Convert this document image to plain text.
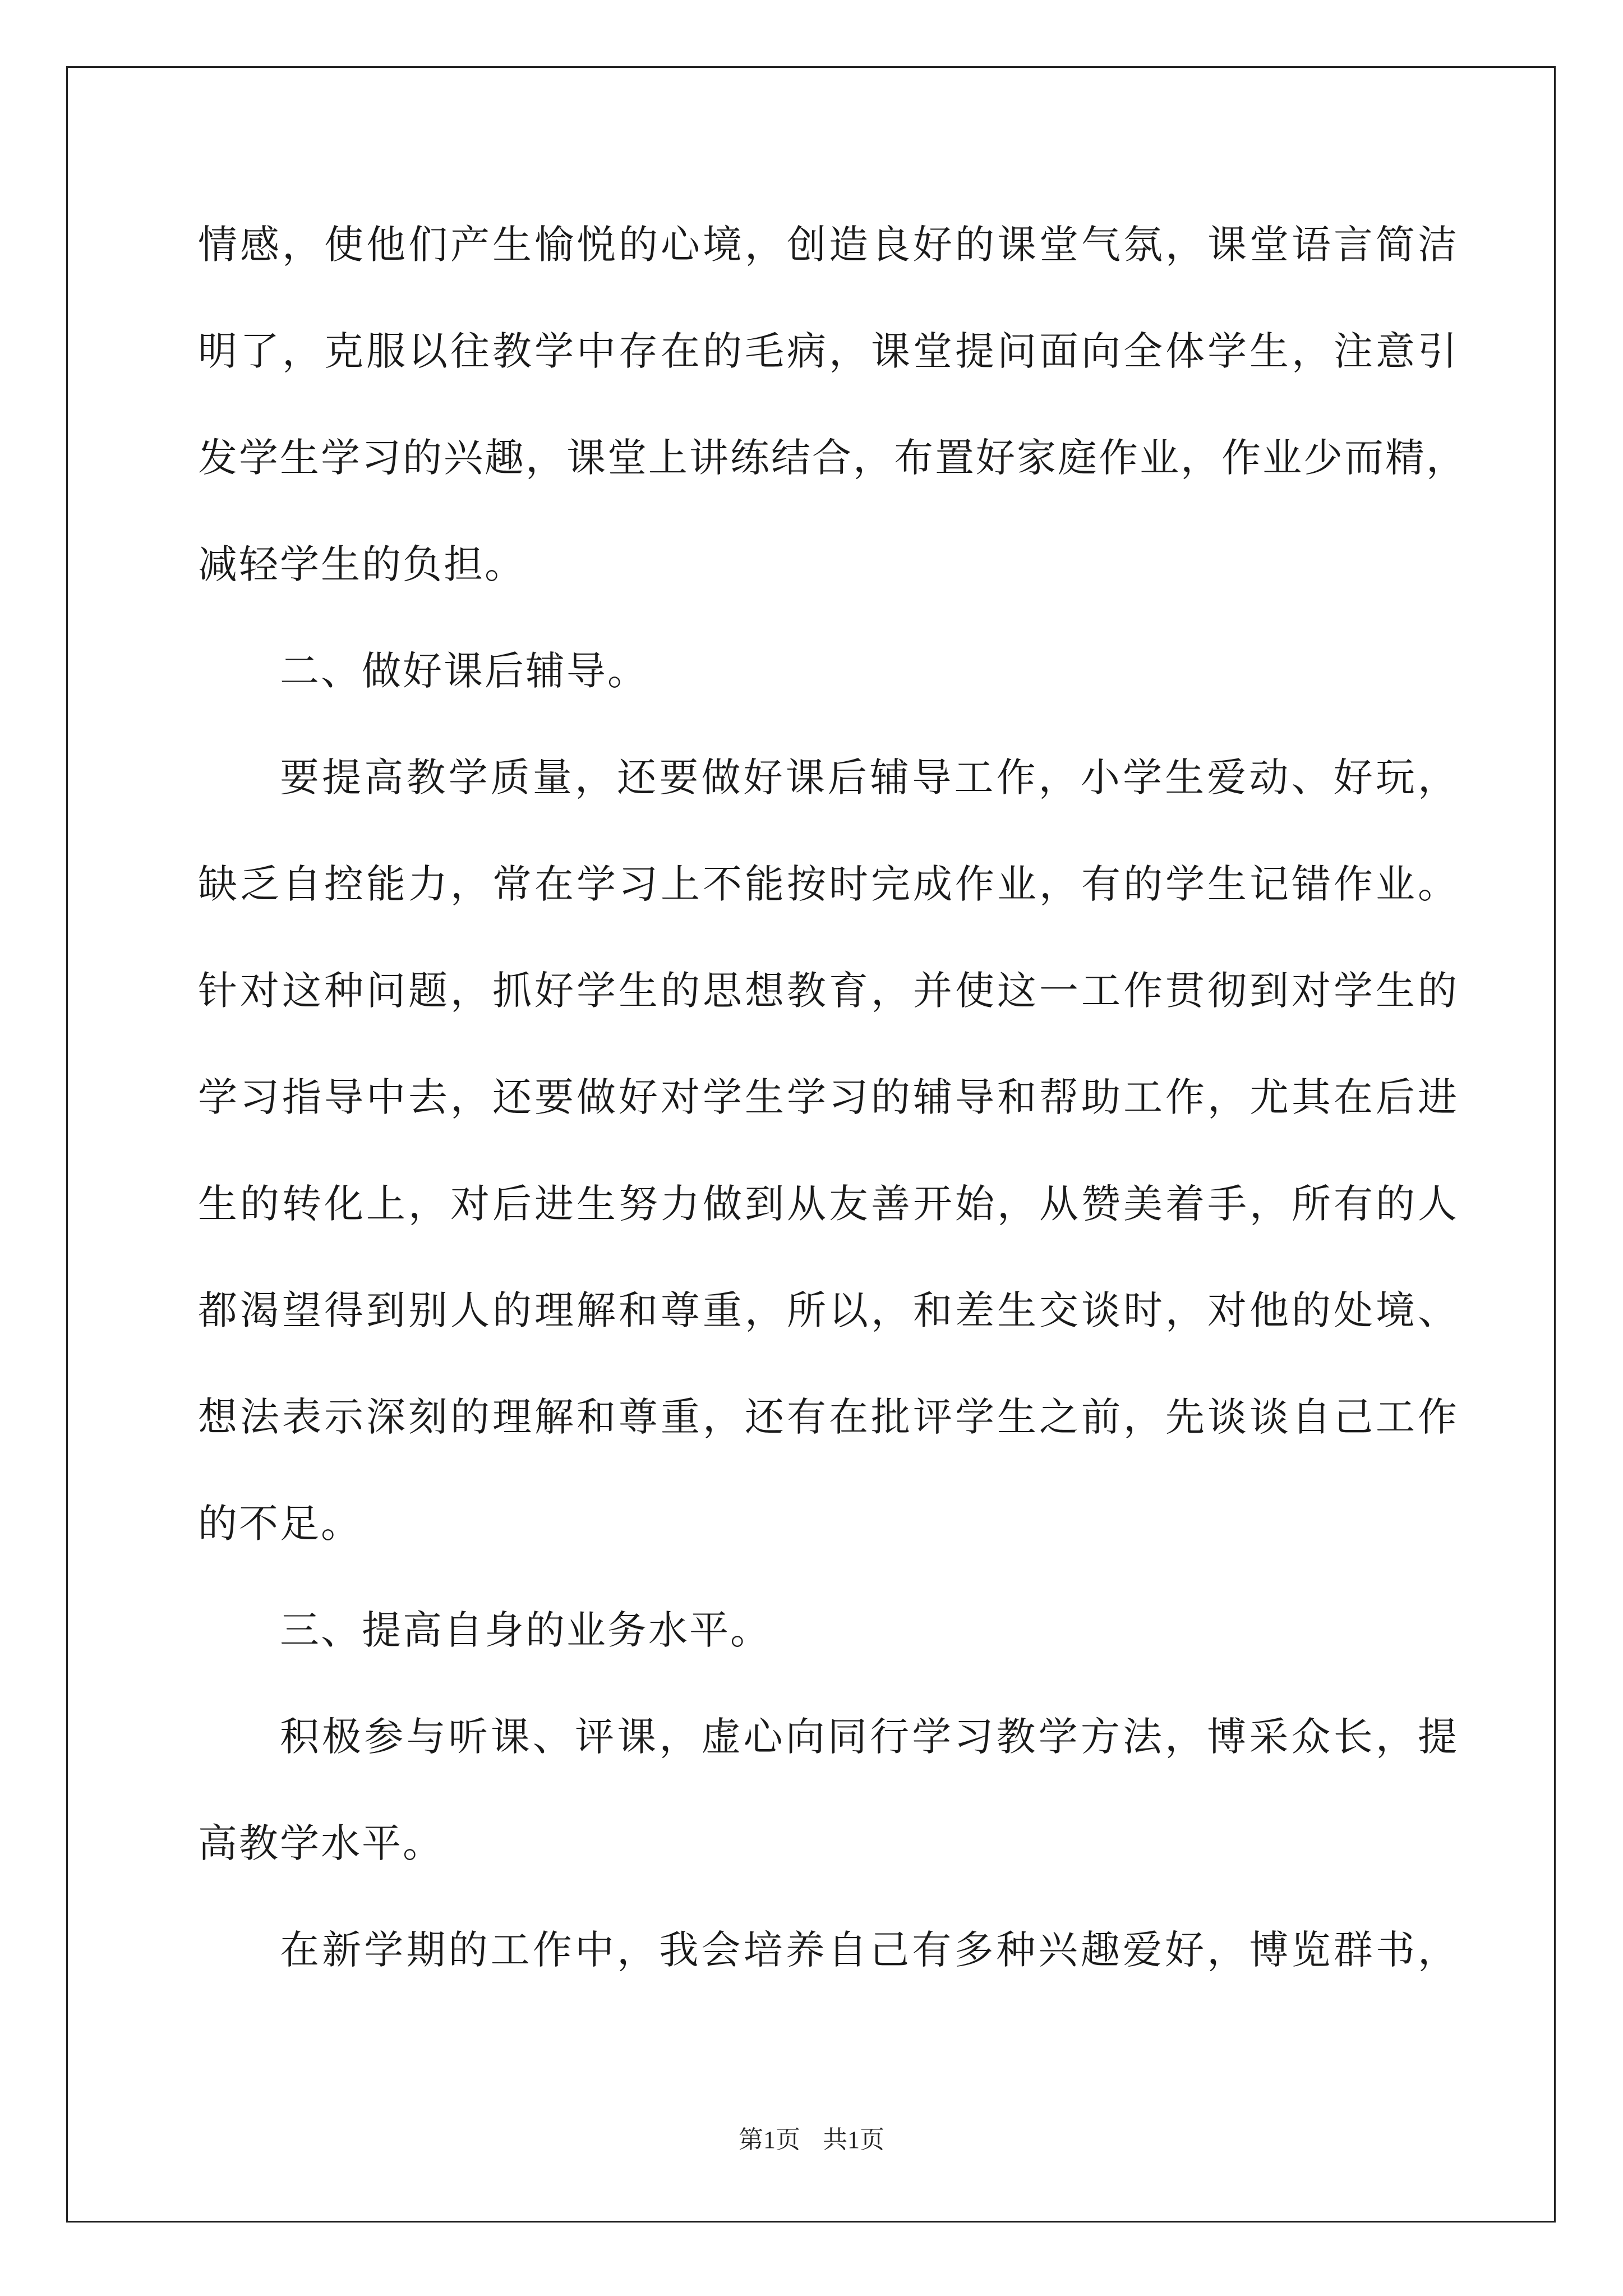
情感，使他们产生愉悦的心境，创造良好的课堂气氛，课堂语言简洁
明了，克服以往教学中存在的毛病，课堂提问面向全体学生，注意引
发学生学习的兴趣，课堂上讲练结合，布置好家庭作业，作业少而精，
减轻学生的负担。
二、做好课后辅导。
要提高教学质量，还要做好课后辅导工作，小学生爱动、好玩，
缺乏自控能力，常在学习上不能按时完成作业，有的学生记错作业。
针对这种问题，抓好学生的思想教育，并使这一工作贯彻到对学生的
学习指导中去，还要做好对学生学习的辅导和帮助工作，尤其在后进
生的转化上，对后进生努力做到从友善开始，从赞美着手，所有的人
都渴望得到别人的理解和尊重，所以，和差生交谈时，对他的处境、
想法表示深刻的理解和尊重，还有在批评学生之前，先谈谈自己工作
的不足。
三、提高自身的业务水平。
积极参与听课、评课，虚心向同行学习教学方法，博采众长，提
高教学水平。
在新学期的工作中，我会培养自己有多种兴趣爱好，博览群书，
第1页 共1页
